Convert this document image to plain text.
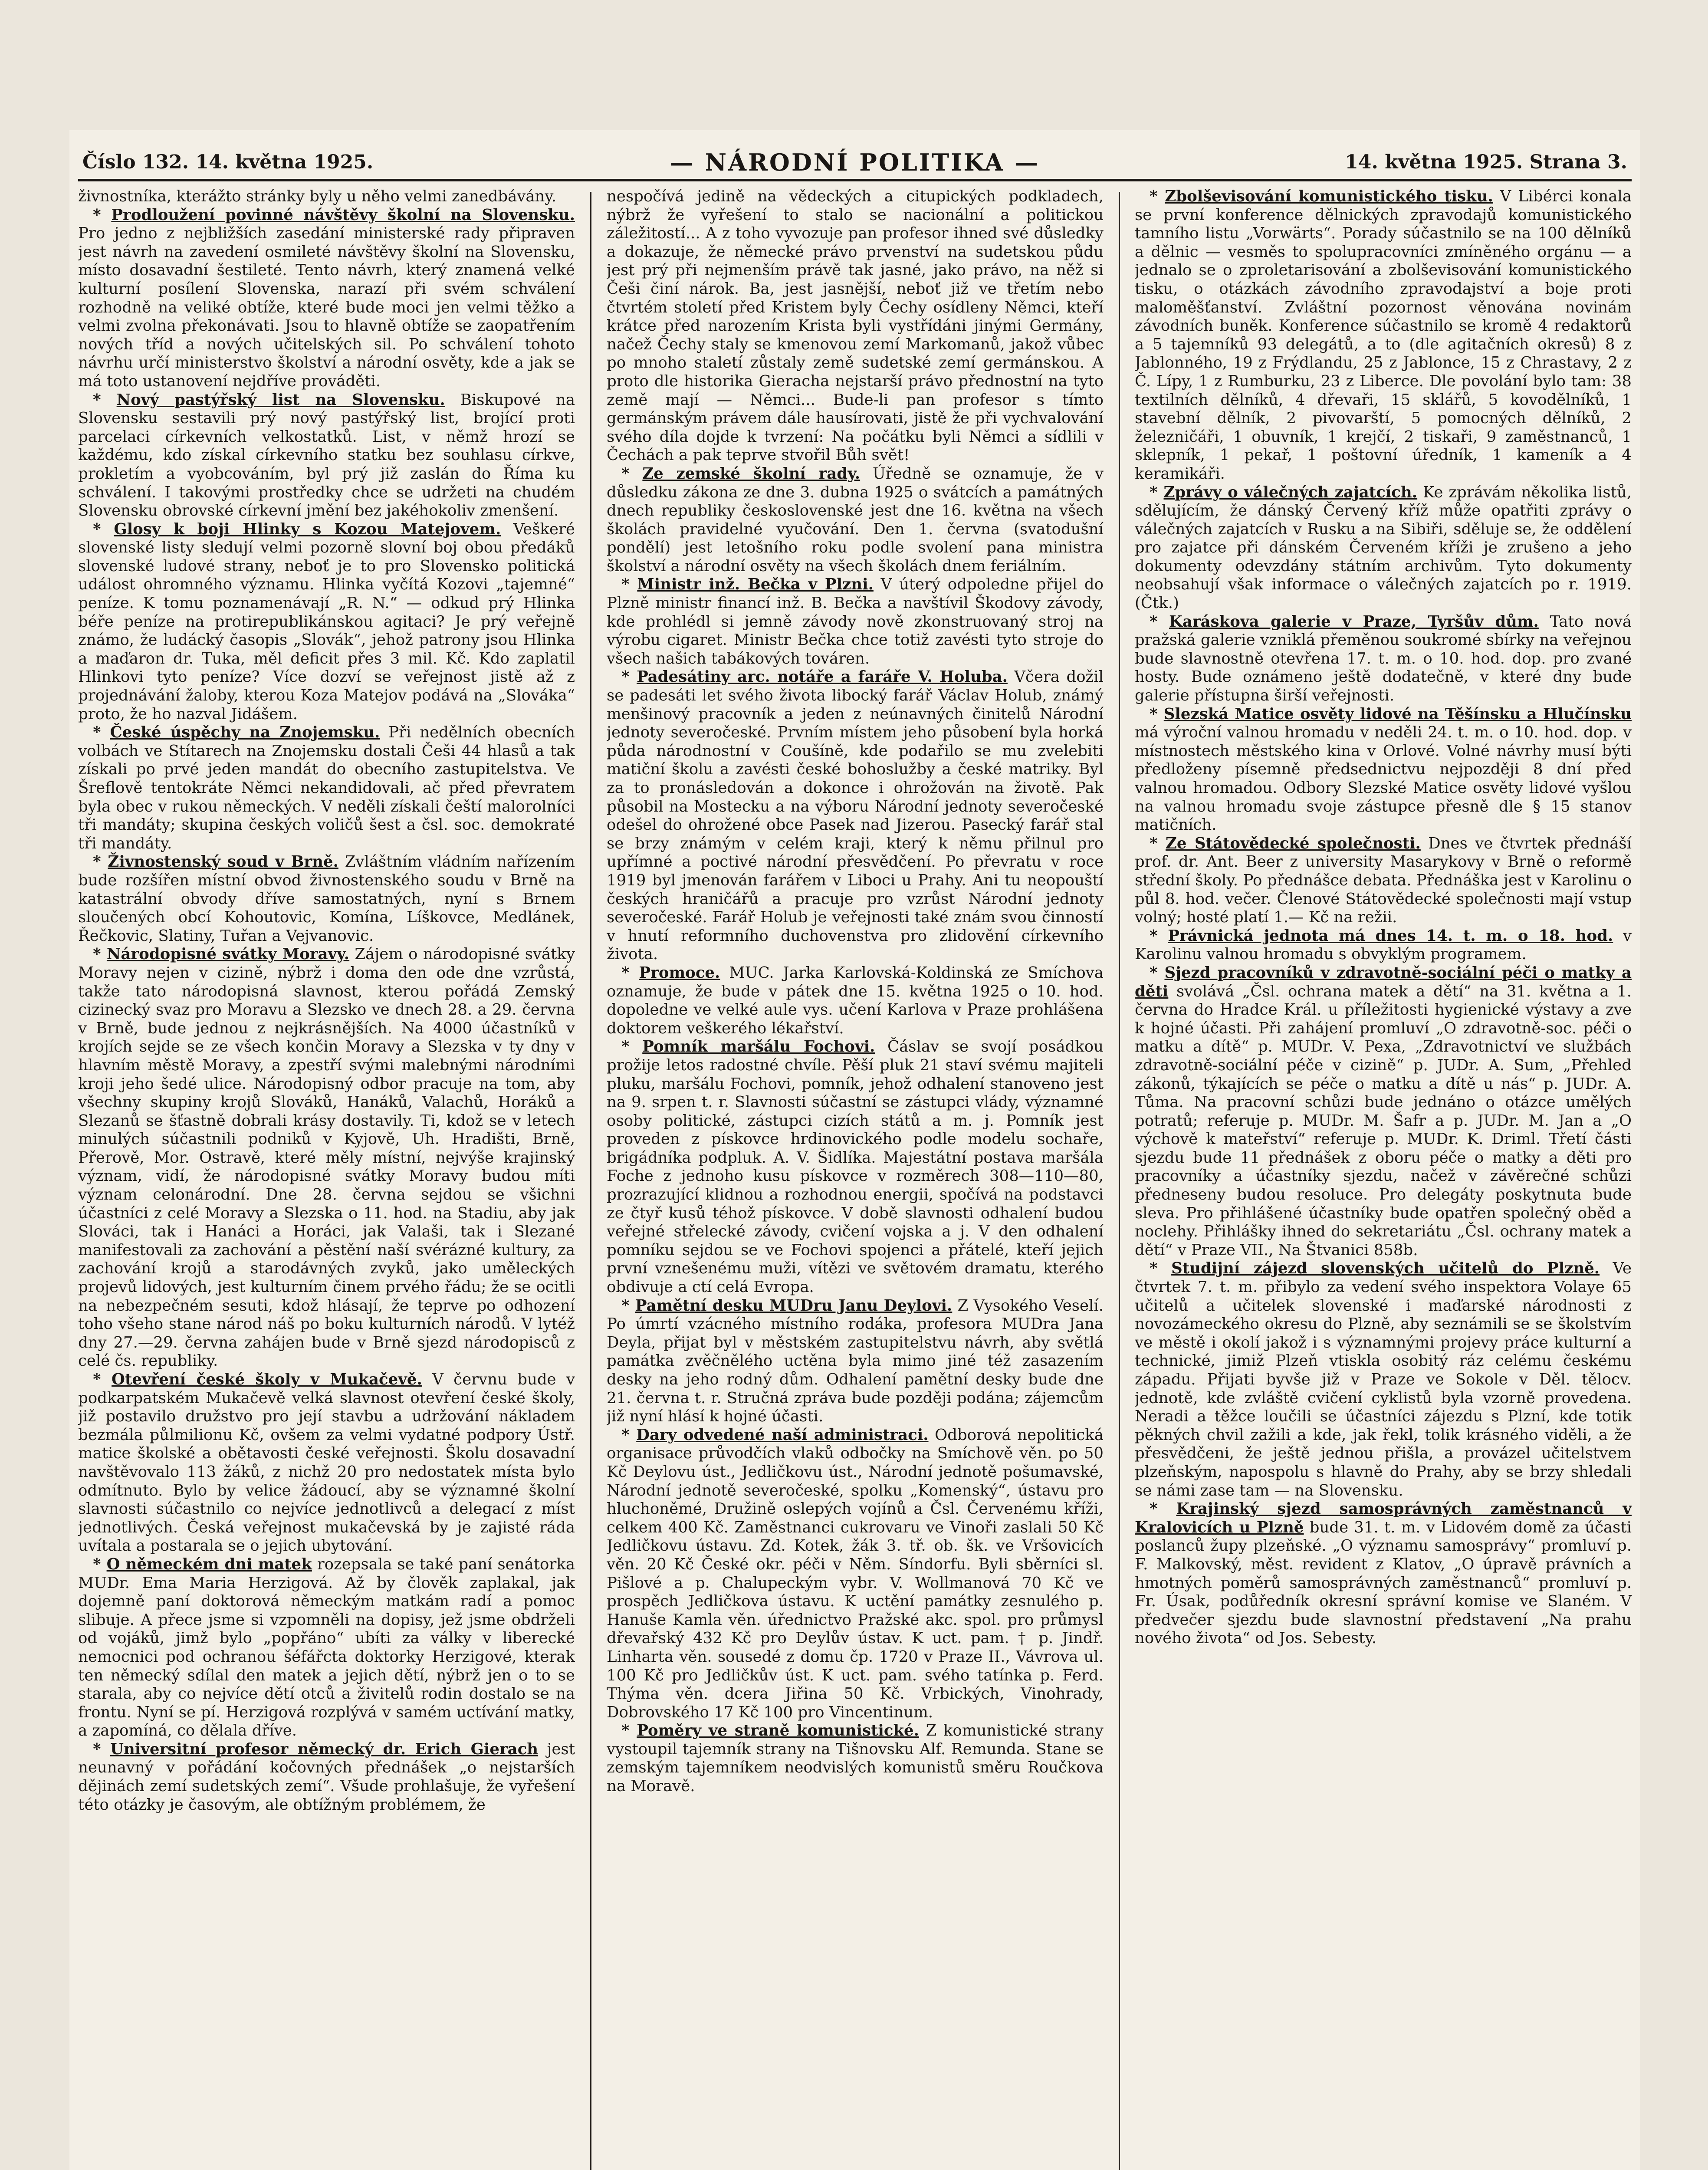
Číslo 132. 14. května 1925.	— NÁRODNÍ POLITIKA —	14. května 1925. Strana 3.

živnostníka, kterážto stránky byly u něho velmi zanedbávány.

* Prodloužení povinné návštěvy školní na Slovensku. Pro jedno z nejbližších zasedání ministerské rady připraven jest návrh na zavedení osmileté návštěvy školní na Slovensku, místo dosavadní šestileté. Tento návrh, který znamená velké kulturní posílení Slovenska, narazí při svém schválení rozhodně na veliké obtíže, které bude moci jen velmi těžko a velmi zvolna překonávati. Jsou to hlavně obtíže se zaopatřením nových tříd a nových učitelských sil. Po schválení tohoto návrhu určí ministerstvo školství a národní osvěty, kde a jak se má toto ustanovení nejdříve prováděti.

* Nový pastýřský list na Slovensku. Biskupové na Slovensku sestavili prý nový pastýřský list, brojící proti parcelaci církevních velkostatků. List, v němž hrozí se každému, kdo získal církevního statku bez souhlasu církve, prokletím a vyobcováním, byl prý již zaslán do Říma ku schválení. I takovými prostředky chce se udržeti na chudém Slovensku obrovské církevní jmění bez jakéhokoliv zmenšení.

* Glosy k boji Hlinky s Kozou Matejovem. Veškeré slovenské listy sledují velmi pozorně slovní boj obou předáků slovenské ludové strany, neboť je to pro Slovensko politická událost ohromného významu. Hlinka vyčítá Kozovi „tajemné“ peníze. K tomu poznamenávají „R. N.“ — odkud prý Hlinka béře peníze na protirepublikánskou agitaci? Je prý veřejně známo, že ludácký časopis „Slovák“, jehož patrony jsou Hlinka a maďaron dr. Tuka, měl deficit přes 3 mil. Kč. Kdo zaplatil Hlinkovi tyto peníze? Více dozví se veřejnost jistě až z projednávání žaloby, kterou Koza Matejov podává na „Slováka“ proto, že ho nazval Jidášem.

* České úspěchy na Znojemsku. Při nedělních obecních volbách ve Stítarech na Znojemsku dostali Češi 44 hlasů a tak získali po prvé jeden mandát do obecního zastupitelstva. Ve Šreflově tentokráte Němci nekandidovali, ač před převratem byla obec v rukou německých. V neděli získali čeští malorolníci tři mandáty; skupina českých voličů šest a čsl. soc. demokraté tři mandáty.

* Živnostenský soud v Brně. Zvláštním vládním nařízením bude rozšířen místní obvod živnostenského soudu v Brně na katastrální obvody dříve samostatných, nyní s Brnem sloučených obcí Kohoutovic, Komína, Líškovce, Medlánek, Řečkovic, Slatiny, Tuřan a Vejvanovic.

* Národopisné svátky Moravy. Zájem o národopisné svátky Moravy nejen v cizině, nýbrž i doma den ode dne vzrůstá, takže tato národopisná slavnost, kterou pořádá Zemský cizinecký svaz pro Moravu a Slezsko ve dnech 28. a 29. června v Brně, bude jednou z nejkrásnějších. Na 4000 účastníků v krojích sejde se ze všech končin Moravy a Slezska v ty dny v hlavním městě Moravy, a zpestří svými malebnými národními kroji jeho šedé ulice. Národopisný odbor pracuje na tom, aby všechny skupiny krojů Slováků, Hanáků, Valachů, Horáků a Slezanů se šťastně dobrali krásy dostavily. Ti, kdož se v letech minulých súčastnili podniků v Kyjově, Uh. Hradišti, Brně, Přerově, Mor. Ostravě, které měly místní, nejvýše krajinský význam, vidí, že národopisné svátky Moravy budou míti význam celonárodní. Dne 28. června sejdou se všichni účastníci z celé Moravy a Slezska o 11. hod. na Stadiu, aby jak Slováci, tak i Hanáci a Horáci, jak Valaši, tak i Slezané manifestovali za zachování a pěstění naší svérázné kultury, za zachování krojů a starodávných zvyků, jako uměleckých projevů lidových, jest kulturním činem prvého řádu; že se ocitli na nebezpečném sesuti, kdož hlásají, že teprve po odhození toho všeho stane národ náš po boku kulturních národů. V lytéž dny 27.—29. června zahájen bude v Brně sjezd národopisců z celé čs. republiky.

* Otevření české školy v Mukačevě. V červnu bude v podkarpatském Mukačevě velká slavnost otevření české školy, již postavilo družstvo pro její stavbu a udržování nákladem bezmála půlmilionu Kč, ovšem za velmi vydatné podpory Ústř. matice školské a obětavosti české veřejnosti. Školu dosavadní navštěvovalo 113 žáků, z nichž 20 pro nedostatek místa bylo odmítnuto. Bylo by velice žádoucí, aby se významné školní slavnosti súčastnilo co nejvíce jednotlivců a delegací z míst jednotlivých. Česká veřejnost mukačevská by je zajisté ráda uvítala a postarala se o jejich ubytování.

* O německém dni matek rozepsala se také paní senátorka MUDr. Ema Maria Herzigová. Až by člověk zaplakal, jak dojemně paní doktorová německým matkám radí a pomoc slibuje. A přece jsme si vzpomněli na dopisy, jež jsme obdrželi od vojáků, jimž bylo „popřáno“ ubíti za války v liberecké nemocnici pod ochranou šéfářcta doktorky Herzigové, kterak ten německý sdílal den matek a jejich dětí, nýbrž jen o to se starala, aby co nejvíce dětí otců a živitelů rodin dostalo se na frontu. Nyní se pí. Herzigová rozplývá v samém uctívání matky, a zapomíná, co dělala dříve.

* Universitní profesor německý dr. Erich Gierach jest neunavný v pořádání kočovných přednášek „o nejstarších dějinách zemí sudetských zemí“. Všude prohlašuje, že vyřešení této otázky je časovým, ale obtížným problémem, že

nespočívá jedině na vědeckých a citupických podkladech, nýbrž že vyřešení to stalo se nacionální a politickou záležitostí... A z toho vyvozuje pan profesor ihned své důsledky a dokazuje, že německé právo prvenství na sudetskou půdu jest prý při nejmenším právě tak jasné, jako právo, na něž si Češi činí nárok. Ba, jest jasnější, neboť již ve třetím nebo čtvrtém století před Kristem byly Čechy osídleny Němci, kteří krátce před narozením Krista byli vystřídáni jinými Germány, načež Čechy staly se kmenovou zemí Markomanů, jakož vůbec po mnoho staletí zůstaly země sudetské zemí germánskou. A proto dle historika Gieracha nejstarší právo přednostní na tyto země mají — Němci... Bude-li pan profesor s tímto germánským právem dále hausírovati, jistě že při vychvalování svého díla dojde k tvrzení: Na počátku byli Němci a sídlili v Čechách a pak teprve stvořil Bůh svět!

* Ze zemské školní rady. Úředně se oznamuje, že v důsledku zákona ze dne 3. dubna 1925 o svátcích a památných dnech republiky československé jest dne 16. května na všech školách pravidelné vyučování. Den 1. června (svatodušní pondělí) jest letošního roku podle svolení pana ministra školství a národní osvěty na všech školách dnem feriálním.

* Ministr inž. Bečka v Plzni. V úterý odpoledne přijel do Plzně ministr financí inž. B. Bečka a navštívil Škodovy závody, kde prohlédl si jemně závody nově zkonstruovaný stroj na výrobu cigaret. Ministr Bečka chce totiž zavésti tyto stroje do všech našich tabákových továren.

* Padesátiny arc. notáře a faráře V. Holuba. Včera dožil se padesáti let svého života libocký farář Václav Holub, známý menšinový pracovník a jeden z neúnavných činitelů Národní jednoty severočeské. Prvním místem jeho působení byla horká půda národnostní v Coušíně, kde podařilo se mu zvelebiti matiční školu a zavésti české bohoslužby a české matriky. Byl za to pronásledován a dokonce i ohrožován na životě. Pak působil na Mostecku a na výboru Národní jednoty severočeské odešel do ohrožené obce Pasek nad Jizerou. Pasecký farář stal se brzy známým v celém kraji, který k němu přilnul pro upřímné a poctivé národní přesvědčení. Po převratu v roce 1919 byl jmenován farářem v Liboci u Prahy. Ani tu neopouští českých hraničářů a pracuje pro vzrůst Národní jednoty severočeské. Farář Holub je veřejnosti také znám svou činností v hnutí reformního duchovenstva pro zlidovění církevního života.

* Promoce. MUC. Jarka Karlovská-Koldinská ze Smíchova oznamuje, že bude v pátek dne 15. května 1925 o 10. hod. dopoledne ve velké aule vys. učení Karlova v Praze prohlášena doktorem veškerého lékařství.

* Pomník maršálu Fochovi. Čáslav se svojí posádkou prožije letos radostné chvíle. Pěší pluk 21 staví svému majiteli pluku, maršálu Fochovi, pomník, jehož odhalení stanoveno jest na 9. srpen t. r. Slavnosti súčastní se zástupci vlády, významné osoby politické, zástupci cizích států a m. j. Pomník jest proveden z pískovce hrdinovického podle modelu sochaře, brigádníka podpluk. A. V. Šidlíka. Majestátní postava maršála Foche z jednoho kusu pískovce v rozměrech 308—110—80, prozrazující klidnou a rozhodnou energii, spočívá na podstavci ze čtyř kusů téhož pískovce. V době slavnosti odhalení budou veřejné střelecké závody, cvičení vojska a j. V den odhalení pomníku sejdou se ve Fochovi spojenci a přátelé, kteří jejich první vznešenému muži, vítězi ve světovém dramatu, kterého obdivuje a ctí celá Evropa.

* Pamětní desku MUDru Janu Deylovi. Z Vysokého Veselí. Po úmrtí vzácného místního rodáka, profesora MUDra Jana Deyla, přijat byl v městském zastupitelstvu návrh, aby světlá památka zvěčnělého uctěna byla mimo jiné též zasazením desky na jeho rodný dům. Odhalení pamětní desky bude dne 21. června t. r. Stručná zpráva bude později podána; zájemcům již nyní hlásí k hojné účasti.

* Dary odvedené naší administraci. Odborová nepolitická organisace průvodčích vlaků odbočky na Smíchově věn. po 50 Kč Deylovu úst., Jedličkovu úst., Národní jednotě pošumavské, Národní jednotě severočeské, spolku „Komenský“, ústavu pro hluchoněmé, Družině oslepých vojínů a Čsl. Červenému kříži, celkem 400 Kč. Zaměstnanci cukrovaru ve Vinoři zaslali 50 Kč Jedličkovu ústavu. Zd. Kotek, žák 3. tř. ob. šk. ve Vršovicích věn. 20 Kč České okr. péči v Něm. Síndorfu. Byli sběrníci sl. Pišlové a p. Chalupeckým vybr. V. Wollmanová 70 Kč ve prospěch Jedličkova ústavu. K uctění památky zesnulého p. Hanuše Kamla věn. úřednictvo Pražské akc. spol. pro průmysl dřevařský 432 Kč pro Deylův ústav. K uct. pam. † p. Jindř. Linharta věn. sousedé z domu čp. 1720 v Praze II., Vávrova ul. 100 Kč pro Jedličkův úst. K uct. pam. svého tatínka p. Ferd. Thýma věn. dcera Jiřina 50 Kč. Vrbických, Vinohrady, Dobrovského 17 Kč 100 pro Vincentinum.

* Poměry ve straně komunistické. Z komunistické strany vystoupil tajemník strany na Tišnovsku Alf. Remunda. Stane se zemským tajemníkem neodvislých komunistů směru Roučkova na Moravě.

* Zbolševisování komunistického tisku. V Libérci konala se první konference dělnických zpravodajů komunistického tamního listu „Vorwärts“. Porady súčastnilo se na 100 dělníků a dělnic — vesměs to spolupracovníci zmíněného orgánu — a jednalo se o zproletarisování a zbolševisování komunistického tisku, o otázkách závodního zpravodajství a boje proti maloměšťanství. Zvláštní pozornost věnována novinám závodních buněk. Konference súčastnilo se kromě 4 redaktorů a 5 tajemníků 93 delegátů, a to (dle agitačních okresů) 8 z Jablonného, 19 z Frýdlandu, 25 z Jablonce, 15 z Chrastavy, 2 z Č. Lípy, 1 z Rumburku, 23 z Liberce. Dle povolání bylo tam: 38 textilních dělníků, 4 dřevaři, 15 sklářů, 5 kovodělníků, 1 stavební dělník, 2 pivovarští, 5 pomocných dělníků, 2 železničáři, 1 obuvník, 1 krejčí, 2 tiskaři, 9 zaměstnanců, 1 sklepník, 1 pekař, 1 poštovní úředník, 1 kameník a 4 keramikáři.

* Zprávy o válečných zajatcích. Ke zprávám několika listů, sdělujícím, že dánský Červený kříž může opatřiti zprávy o válečných zajatcích v Rusku a na Sibiři, sděluje se, že oddělení pro zajatce při dánském Červeném kříži je zrušeno a jeho dokumenty odevzdány státním archivům. Tyto dokumenty neobsahují však informace o válečných zajatcích po r. 1919. (Čtk.)

* Karáskova galerie v Praze, Tyršův dům. Tato nová pražská galerie vzniklá přeměnou soukromé sbírky na veřejnou bude slavnostně otevřena 17. t. m. o 10. hod. dop. pro zvané hosty. Bude oznámeno ještě dodatečně, v které dny bude galerie přístupna širší veřejnosti.

* Slezská Matice osvěty lidové na Těšínsku a Hlučínsku má výroční valnou hromadu v neděli 24. t. m. o 10. hod. dop. v místnostech městského kina v Orlové. Volné návrhy musí býti předloženy písemně předsednictvu nejpozději 8 dní před valnou hromadou. Odbory Slezské Matice osvěty lidové vyšlou na valnou hromadu svoje zástupce přesně dle § 15 stanov matičních.

* Ze Státovědecké společnosti. Dnes ve čtvrtek přednáší prof. dr. Ant. Beer z university Masarykovy v Brně o reformě střední školy. Po přednášce debata. Přednáška jest v Karolinu o půl 8. hod. večer. Členové Státovědecké společnosti mají vstup volný; hosté platí 1.— Kč na režii.

* Právnická jednota má dnes 14. t. m. o 18. hod. v Karolinu valnou hromadu s obvyklým programem.

* Sjezd pracovníků v zdravotně-sociální péči o matky a děti svolává „Čsl. ochrana matek a dětí“ na 31. května a 1. června do Hradce Král. u příležitosti hygienické výstavy a zve k hojné účasti. Při zahájení promluví „O zdravotně-soc. péči o matku a dítě“ p. MUDr. V. Pexa, „Zdravotnictví ve službách zdravotně-sociální péče v cizině“ p. JUDr. A. Sum, „Přehled zákonů, týkajících se péče o matku a dítě u nás“ p. JUDr. A. Tůma. Na pracovní schůzi bude jednáno o otázce umělých potratů; referuje p. MUDr. M. Šafr a p. JUDr. M. Jan a „O výchově k mateřství“ referuje p. MUDr. K. Driml. Třetí části sjezdu bude 11 přednášek z oboru péče o matky a děti pro pracovníky a účastníky sjezdu, načež v závěrečné schůzi předneseny budou resoluce. Pro delegáty poskytnuta bude sleva. Pro přihlášené účastníky bude opatřen společný oběd a noclehy. Přihlášky ihned do sekretariátu „Čsl. ochrany matek a dětí“ v Praze VII., Na Štvanici 858b.

* Studijní zájezd slovenských učitelů do Plzně. Ve čtvrtek 7. t. m. přibylo za vedení svého inspektora Volaye 65 učitelů a učitelek slovenské i maďarské národnosti z novozámeckého okresu do Plzně, aby seznámili se se školstvím ve městě i okolí jakož i s významnými projevy práce kulturní a technické, jimiž Plzeň vtiskla osobitý ráz celému českému západu. Přijati byvše již v Praze ve Sokole v Děl. tělocv. jednotě, kde zvláště cvičení cyklistů byla vzorně provedena. Neradi a těžce loučili se účastníci zájezdu s Plzní, kde totik pěkných chvil zažili a kde, jak řekl, tolik krásného viděli, a že přesvědčeni, že ještě jednou přišla, a provázel učitelstvem plzeňským, napospolu s hlavně do Prahy, aby se brzy shledali se námi zase tam — na Slovensku.

* Krajinský sjezd samosprávných zaměstnanců v Kralovicích u Plzně bude 31. t. m. v Lidovém domě za účasti poslanců župy plzeňské. „O významu samosprávy“ promluví p. F. Malkovský, měst. revident z Klatov, „O úpravě právních a hmotných poměrů samosprávných zaměstnanců“ promluví p. Fr. Úsak, podůředník okresní správní komise ve Slaném. V předvečer sjezdu bude slavnostní představení „Na prahu nového života“ od Jos. Sebesty.
